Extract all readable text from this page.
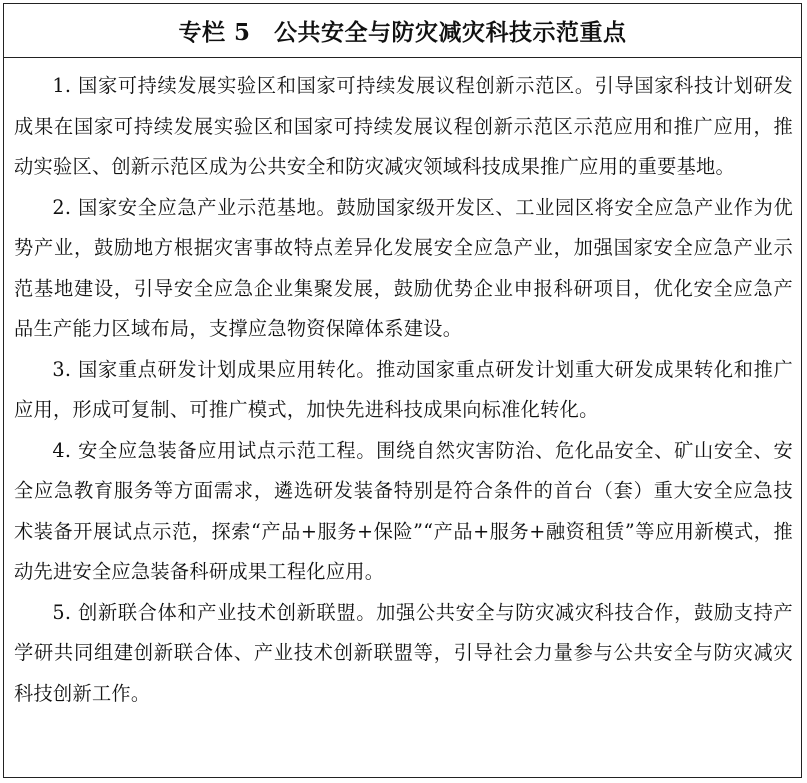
专栏 5　公共安全与防灾减灾科技示范重点

1. 国家可持续发展实验区和国家可持续发展议程创新示范区。引导国家科技计划研发成果在国家可持续发展实验区和国家可持续发展议程创新示范区示范应用和推广应用，推动实验区、创新示范区成为公共安全和防灾减灾领域科技成果推广应用的重要基地。

2. 国家安全应急产业示范基地。鼓励国家级开发区、工业园区将安全应急产业作为优势产业，鼓励地方根据灾害事故特点差异化发展安全应急产业，加强国家安全应急产业示范基地建设，引导安全应急企业集聚发展，鼓励优势企业申报科研项目，优化安全应急产品生产能力区域布局，支撑应急物资保障体系建设。

3. 国家重点研发计划成果应用转化。推动国家重点研发计划重大研发成果转化和推广应用，形成可复制、可推广模式，加快先进科技成果向标准化转化。

4. 安全应急装备应用试点示范工程。围绕自然灾害防治、危化品安全、矿山安全、安全应急教育服务等方面需求，遴选研发装备特别是符合条件的首台（套）重大安全应急技术装备开展试点示范，探索“产品+服务+保险”“产品+服务+融资租赁”等应用新模式，推动先进安全应急装备科研成果工程化应用。

5. 创新联合体和产业技术创新联盟。加强公共安全与防灾减灾科技合作，鼓励支持产学研共同组建创新联合体、产业技术创新联盟等，引导社会力量参与公共安全与防灾减灾科技创新工作。
